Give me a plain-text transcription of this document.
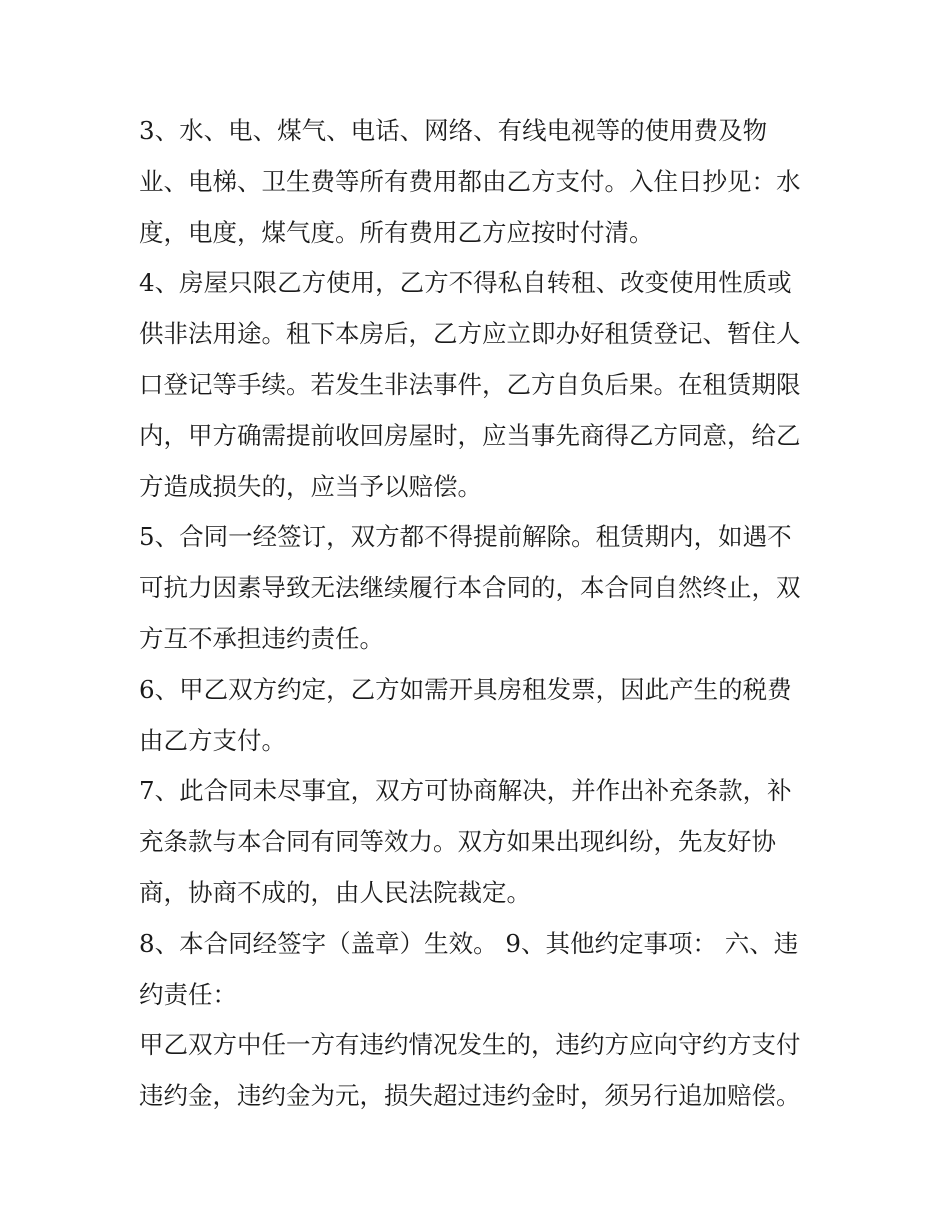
3、水、电、煤气、电话、网络、有线电视等的使用费及物
业、电梯、卫生费等所有费用都由乙方支付。入住日抄见：水
度，电度，煤气度。所有费用乙方应按时付清。
4、房屋只限乙方使用，乙方不得私自转租、改变使用性质或
供非法用途。租下本房后，乙方应立即办好租赁登记、暂住人
口登记等手续。若发生非法事件，乙方自负后果。在租赁期限
内，甲方确需提前收回房屋时，应当事先商得乙方同意，给乙
方造成损失的，应当予以赔偿。
5、合同一经签订，双方都不得提前解除。租赁期内，如遇不
可抗力因素导致无法继续履行本合同的，本合同自然终止，双
方互不承担违约责任。
6、甲乙双方约定，乙方如需开具房租发票，因此产生的税费
由乙方支付。
7、此合同未尽事宜，双方可协商解决，并作出补充条款，补
充条款与本合同有同等效力。双方如果出现纠纷，先友好协
商，协商不成的，由人民法院裁定。
8、本合同经签字（盖章）生效。 9、其他约定事项： 六、违
约责任：
甲乙双方中任一方有违约情况发生的，违约方应向守约方支付
违约金，违约金为元，损失超过违约金时，须另行追加赔偿。
